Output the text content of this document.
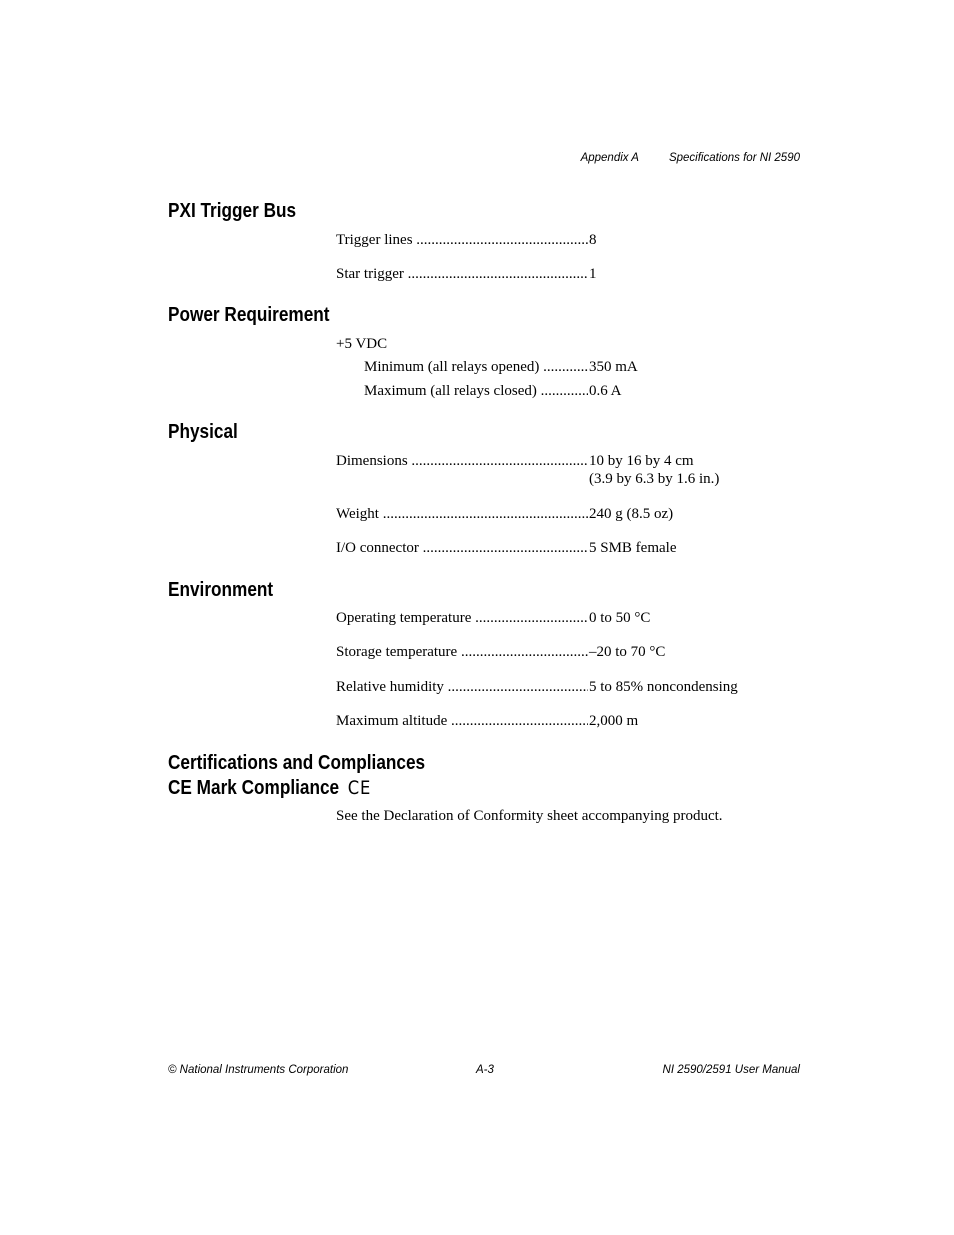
Appendix A	Specifications for NI 2590
PXI Trigger Bus
Trigger lines .....	8
Star trigger .....	1
Power Requirement
+5 VDC
Minimum (all relays opened) .....	350 mA
Maximum (all relays closed) .....	0.6 A
Physical
Dimensions .....	10 by 16 by 4 cm
(3.9 by 6.3 by 1.6 in.)
Weight .....	240 g (8.5 oz)
I/O connector .....	5 SMB female
Environment
Operating temperature .....	0 to 50 °C
Storage temperature .....	–20 to 70 °C
Relative humidity .....	5 to 85% noncondensing
Maximum altitude .....	2,000 m
Certifications and Compliances
CE Mark Compliance CE
See the Declaration of Conformity sheet accompanying product.
© National Instruments Corporation	A-3	NI 2590/2591 User Manual
